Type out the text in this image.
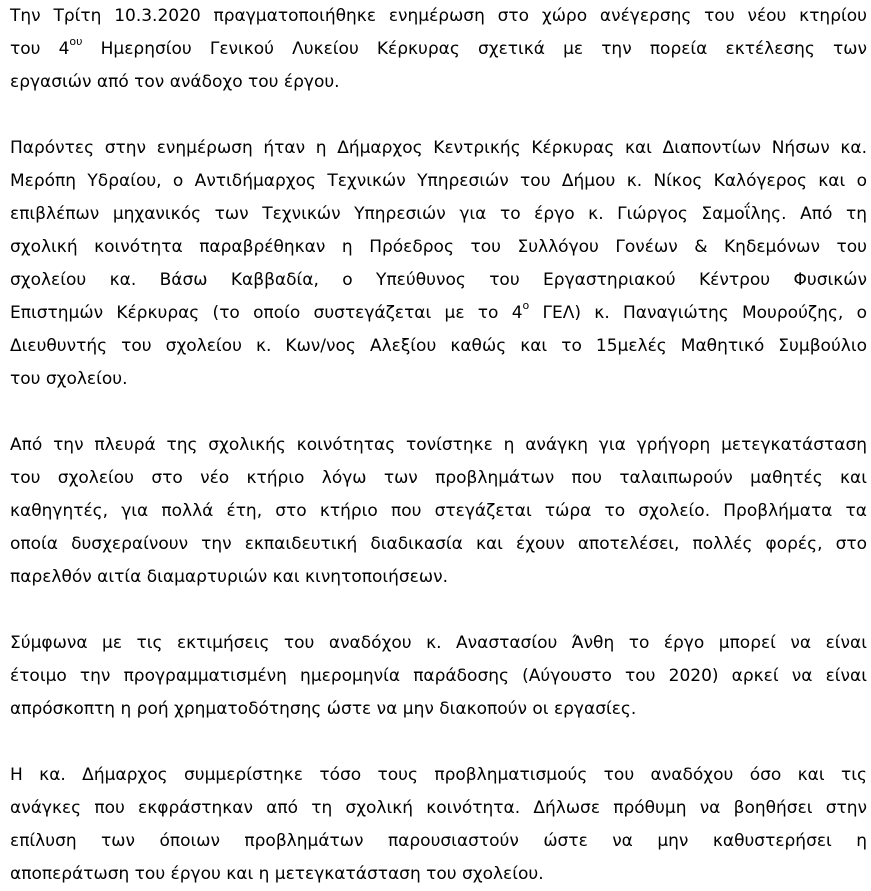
Την Τρίτη 10.3.2020 πραγματοποιήθηκε ενημέρωση στο χώρο ανέγερσης του νέου κτηρίου
του $4^{o\upsilon}$ Ημερησίου Γενικού Λυκείου Κέρκυρας σχετικά με την πορεία εκτέλεσης των
εργασιών από τον ανάδοχο του έργου.
Παρόντες στην ενημέρωση ήταν η Δήμαρχος Κεντρικής Κέρκυρας και Διαποντίων Νήσων κα.
Μερόπη Υδραίου, ο Αντιδήμαρχος Τεχνικών Υπηρεσιών του Δήμου κ. Νίκος Καλόγερος και ο
επιβλέπων μηχανικός των Τεχνικών Υπηρεσιών για το έργο κ. Γιώργος Σαμοΐλης. Από τη
σχολική κοινότητα παραβρέθηκαν η Πρόεδρος του Συλλόγου Γονέων & Κηδεμόνων του
σχολείου κα. Βάσω Καββαδία, ο Υπεύθυνος του Εργαστηριακού Κέντρου Φυσικών
Επιστημών Κέρκυρας (το οποίο συστεγάζεται με το $4^o$ ΓΕΛ) κ. Παναγιώτης Μουρούζης, ο
Διευθυντής του σχολείου κ. Κων/νος Αλεξίου καθώς και το 15μελές Μαθητικό Συμβούλιο
του σχολείου.
Από την πλευρά της σχολικής κοινότητας τονίστηκε η ανάγκη για γρήγορη μετεγκατάσταση
του σχολείου στο νέο κτήριο λόγω των προβλημάτων που ταλαιπωρούν μαθητές και
καθηγητές, για πολλά έτη, στο κτήριο που στεγάζεται τώρα το σχολείο. Προβλήματα τα
οποία δυσχεραίνουν την εκπαιδευτική διαδικασία και έχουν αποτελέσει, πολλές φορές, στο
παρελθόν αιτία διαμαρτυριών και κινητοποιήσεων.
Σύμφωνα με τις εκτιμήσεις του αναδόχου κ. Αναστασίου Άνθη το έργο μπορεί να είναι
έτοιμο την προγραμματισμένη ημερομηνία παράδοσης (Αύγουστο του 2020) αρκεί να είναι
απρόσκοπτη η ροή χρηματοδότησης ώστε να μην διακοπούν οι εργασίες.
Η κα. Δήμαρχος συμμερίστηκε τόσο τους προβληματισμούς του αναδόχου όσο και τις
ανάγκες που εκφράστηκαν από τη σχολική κοινότητα. Δήλωσε πρόθυμη να βοηθήσει στην
επίλυση των όποιων προβλημάτων παρουσιαστούν ώστε να μην καθυστερήσει η
αποπεράτωση του έργου και η μετεγκατάσταση του σχολείου.
